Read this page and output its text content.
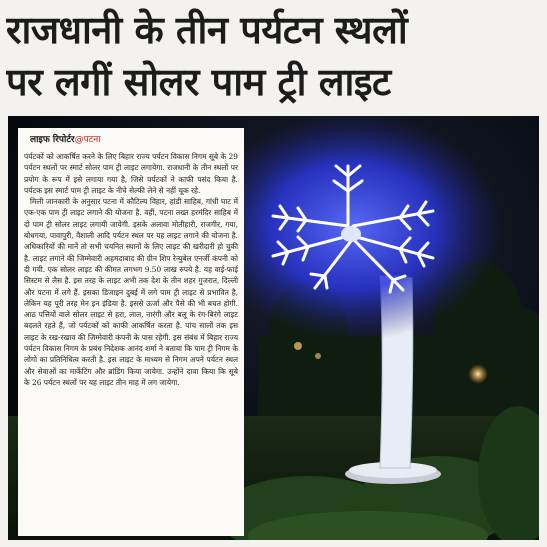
राजधानी के तीन पर्यटन स्थलों
पर लगीं सोलर पाम ट्री लाइट
लाइफ रिपोर्टर@पटना

पर्यटकों को आकर्षित करने के लिए बिहार राज्य पर्यटन विकास निगम सूबे के 29 पर्यटन स्थलों पर स्मार्ट सोलर पाम ट्री लाइट लगायेगा. राजधानी के तीन स्थलों पर प्रयोग के रूप में इसे लगाया गया है, जिसे पर्यटकों ने काफी पसंद किया है. पर्यटक इस स्मार्ट पाम ट्री लाइट के नीचे सेल्फी लेने से नहीं चूक रहे.

मिली जानकारी के अनुसार पटना में कौटिल्य विहार, हांडी साहिब, गांधी घाट में एक-एक पाम ट्री लाइट लगाने की योजना है. वहीं, पटना तख्त हरमंदिर साहिब में दो पाम ट्री सोलर लाइट लगायी जायेगी. इसके अलावा मोतीहारी, राजगीर, गया, बोधगया, पावापुरी, वैशाली आदि पर्यटन स्थल पर यह लाइट लगाने की योजना है. अधिकारियों की मानें तो सभी चयनित स्थानों के लिए लाइट की खरीदारी हो चुकी है. लाइट लगाने की जिम्मेवारी अहमदाबाद की ग्रीन शिप रेन्युबेल एनर्जी कंपनी को दी गयी. एक सोलर लाइट की कीमत लगभग 9.50 लाख रुपये है. यह वाई-फाई सिस्टम से लैस है. इस तरह के लाइट अभी तक देश के तीन शहर गुजरात, दिल्ली और पटना में लगे हैं. इसका डिजाइन दुबई में लगे पाम ट्री लाइट से प्रभावित है, लेकिन यह पूरी तरह मेन इन इंडिया है. इससे ऊर्जा और पैसे की भी बचत होगी. आठ पत्तियों वाले सोलर लाइट से हरा, लाल, नारंगी और बलू के रंग-बिरंगे लाइट बदलते रहते हैं, जो पर्यटकों को काफी आकर्षित करता है. पांच सालों तक इस लाइट के रख-रखाव की जिम्मेवारी कंपनी के पास रहेगी. इस संबंध में बिहार राज्य पर्यटन विकास निगम के प्रबंध निदेशक आनंद शर्मा ने बताया कि पाम ट्री निगम के लोगो का प्रतिनिधित्व करती है. इस लाइट के माध्यम से निगम अपने पर्यटन स्थल और सेवाओं का मार्केटिंग और ब्रांडिंग किया जायेगा. उन्होंने दावा किया कि सूबे के 26 पर्यटन स्थलों पर यह लाइट तीन माह में लग जायेगा.
